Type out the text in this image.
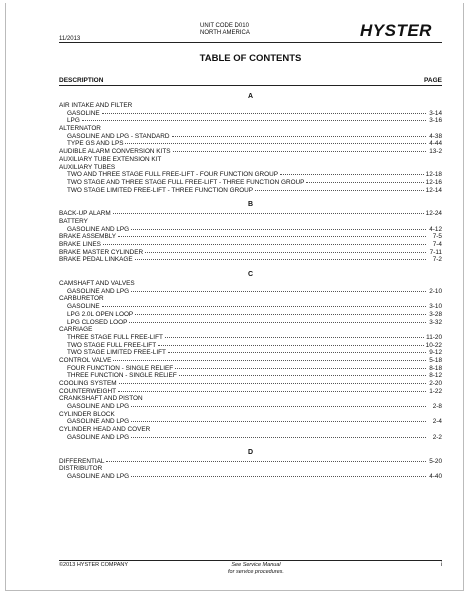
UNIT CODE D010
NORTH AMERICA
11/2013	HYSTER
TABLE OF CONTENTS
DESCRIPTION	PAGE
A
AIR INTAKE AND FILTER
GASOLINE	3-14
LPG	3-16
ALTERNATOR
GASOLINE AND LPG - STANDARD	4-38
TYPE GS AND LPS	4-44
AUDIBLE ALARM CONVERSION KITS	13-2
AUXILIARY TUBE EXTENSION KIT
AUXILIARY TUBES
TWO AND THREE STAGE FULL FREE-LIFT - FOUR FUNCTION GROUP	12-18
TWO STAGE AND THREE STAGE FULL FREE-LIFT - THREE FUNCTION GROUP	12-16
TWO STAGE LIMITED FREE-LIFT - THREE FUNCTION GROUP	12-14
B
BACK-UP ALARM	12-24
BATTERY
GASOLINE AND LPG	4-12
BRAKE ASSEMBLY	7-5
BRAKE LINES	7-4
BRAKE MASTER CYLINDER	7-11
BRAKE PEDAL LINKAGE	7-2
C
CAMSHAFT AND VALVES
GASOLINE AND LPG	2-10
CARBURETOR
GASOLINE	3-10
LPG 2.0L OPEN LOOP	3-28
LPG CLOSED LOOP	3-32
CARRIAGE
THREE STAGE FULL FREE-LIFT	11-20
TWO STAGE FULL FREE-LIFT	10-22
TWO STAGE LIMITED FREE-LIFT	9-12
CONTROL VALVE	5-18
FOUR FUNCTION - SINGLE RELIEF	8-18
THREE FUNCTION - SINGLE RELIEF	8-12
COOLING SYSTEM	2-20
COUNTERWEIGHT	1-22
CRANKSHAFT AND PISTON
GASOLINE AND LPG	2-8
CYLINDER BLOCK
GASOLINE AND LPG	2-4
CYLINDER HEAD AND COVER
GASOLINE AND LPG	2-2
D
DIFFERENTIAL	5-20
DISTRIBUTOR
GASOLINE AND LPG	4-40
©2013 HYSTER COMPANY	See Service Manual
for service procedures.
i
